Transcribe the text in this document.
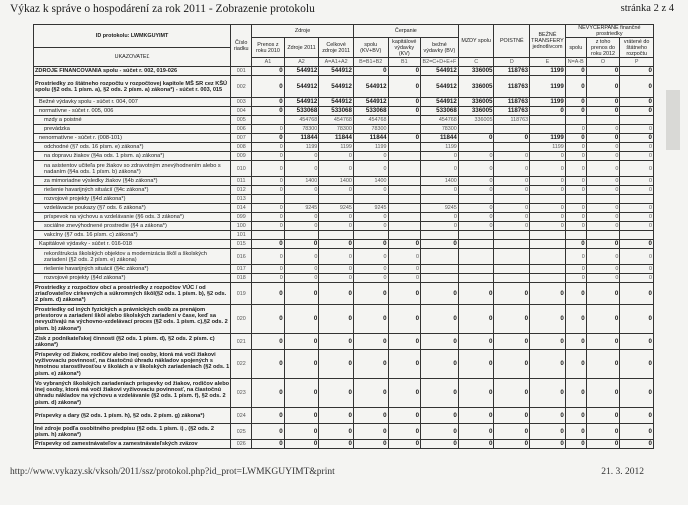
Výkaz k správe o hospodárení za rok 2011 - Zobrazenie protokolu	stránka 2 z 4
ID protokolu: LWMKGUYIMT	Číslo riadku	Zdroje			Čerpanie			MZDY spolu	POISTNÉ	BEŽNÉ TRANSFERY jednotlivcom	NEVYČERPANÉ finančné prostriedky		
		Prenos z roku 2010	Zdroje 2011	Celkové zdroje 2011	spolu (KV+BV)	kapitálové výdavky (KV)	bežné výdavky (BV)				spolu	z toho prenos do roku 2012	vrátené do štátneho rozpočtu
UKAZOVATEĽ													
		A1	A2	A=A1+A2	B=B1+B2	B1	B2=C+D+E+F	C	D	E	N=A-B	O	P
ZDROJE FINANCOVANIA spolu - súčet r. 002, 019-026	001	0	544912	544912	0	0	544912	336005	118763	1199	0	0	0
Prostriedky zo štátneho rozpočtu v rozpočtovej kapitole MŠ SR cez KŠÚ spolu (§2 ods. 1 písm. a), §2 ods. 2 písm. a) zákona*) - súčet r. 003, 015	002	0	544912	544912	544912	0	544912	336005	118763	1199	0	0	0
Bežné výdavky spolu - súčet r. 004, 007	003	0	544912	544912	544912	0	544912	336005	118763	1199	0	0	0
normatívne - súčet r. 005, 006	004	0	533068	533068	533068	0	533068	336005	118763	0	0	0	0
mzdy a poistné	005		454768	454768	454768		454768	336005	118763				
prevádzka	006	0	78300	78300	78300		78300				0	0	0
nenormatívne - súčet r. (008-101)	007	0	11844	11844	11844	0	11844	0	0	1199	0	0	0
odchodné (§7 ods. 16 písm. e) zákona*)	008	0	1199	1199	1199		1199			1199	0	0	0
na dopravu žiakov (§4a ods. 1 písm. a) zákona*)	009	0	0	0	0		0	0	0	0	0	0	0
na asistentov učiteľa pre žiakov so zdravotným znevýhodnením alebo s nadaním (§4a ods. 1 písm. b) zákona*)	010	0	0	0	0		0	0	0	0	0	0	0
za mimoriadne výsledky žiakov (§4b zákona*)	011	0	1400	1400	1400		1400	0	0	0	0	0	0
riešenie havarijných situácií (§4c zákona*)	012	0	0	0	0		0	0	0	0	0	0	0
rozvojové projekty (§4d zákona*)	013												
vzdelávacie poukazy (§7 ods. 6 zákona*)	014	0	9245	9245	9245		9245	0	0	0	0	0	0
príspevok na výchovu a vzdelávanie (§6 ods. 3 zákona*)	099	0	0	0	0		0	0	0	0	0	0	0
sociálne znevýhodnené prostredie (§4 a zákona*)	100	0	0	0	0		0	0	0	0	0	0	0
vakcíny (§7 ods. 16 písm. c) zákona*)	101												
Kapitálové výdavky - súčet r. 016-018	015	0	0	0	0	0	0				0	0	0
rekonštrukcia školských objektov a modernizácia škôl a školských zariadení (§2 ods. 2 písm. e) zákona)	016	0	0	0	0	0					0	0	0
riešenie havarijných situácií (§4c zákona*)	017	0	0	0	0	0					0	0	0
rozvojové projekty (§4d zákona*)	018	0	0	0	0	0					0	0	0
Prostriedky z rozpočtov obcí a prostriedky z rozpočtov VÚC / od zriaďovateľov cirkevných a súkromných škôl(§2 ods. 1 písm. b), §2 ods. 2 písm. d) zákona*)	019	0	0	0	0	0	0	0	0	0	0	0	0
Prostriedky od iných fyzických a právnických osôb za prenájom priestorov a zariadení škôl alebo školských zariadení v čase, keď sa nevyužívajú na výchovno-vzdelávací proces (§2 ods. 1 písm. c),§2 ods. 2 písm. b) zákona*)	020	0	0	0	0	0	0	0	0	0	0	0	0
Zisk z podnikateľskej činnosti (§2 ods. 1 písm. d), §2 ods. 2 písm. c) zákona*)	021	0	0	0	0	0	0	0	0	0	0	0	0
Príspevky od žiakov, rodičov alebo inej osoby, ktorá má voči žiakovi vyživovaciu povinnosť, na čiastočnú úhradu nákladov spojených s hmotnou starostlivosťou v školách a v školských zariadeniach (§2 ods. 1 písm. e) zákona*)	022	0	0	0	0	0	0	0	0	0	0	0	0
Vo vybraných školských zariadeniach príspevky od žiakov, rodičov alebo inej osoby, ktorá má voči žiakovi vyživovaciu povinnosť, na čiastočnú úhradu nákladov na výchovu a vzdelávanie (§2 ods. 1 písm. f), §2 ods. 2 písm. d) zákona*)	023	0	0	0	0	0	0	0	0	0	0	0	0
Príspevky a dary (§2 ods. 1 písm. h), §2 ods. 2 písm. g) zákona*)	024	0	0	0	0	0	0	0	0	0	0	0	0
Iné zdroje podľa osobitného predpisu (§2 ods. 1 písm. i) , (§2 ods. 2 písm. h) zákona*)	025	0	0	0	0	0	0	0	0	0	0	0	0
Príspevky od zamestnávateľov a zamestnávateľských zväzov	026	0	0	0	0	0	0	0	0	0	0	0	0
http://www.vykazy.sk/vksoh/2011/ssz/protokol.php?id_prot=LWMKGUYIMT&print	21. 3. 2012
